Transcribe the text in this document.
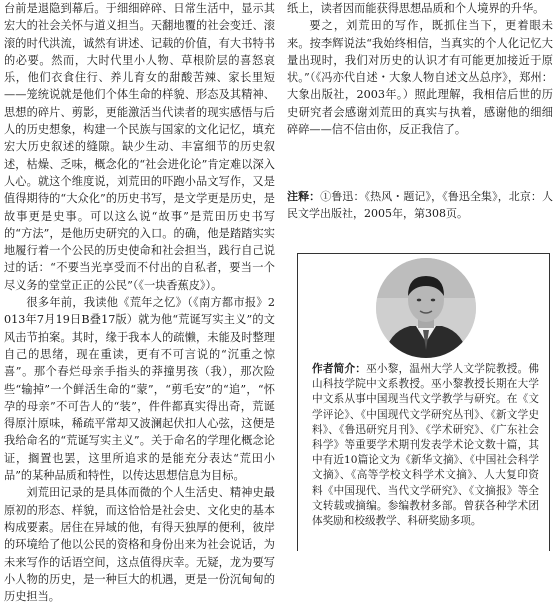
台前是退隐到幕后。于细细碎碎、日常生活中，显示其宏大的社会关怀与道义担当。天翻地覆的社会变迁、滚滚的时代洪流，诚然有讲述、记载的价值，有大书特书的必要。然而，大时代里小人物、草根阶层的喜怒哀乐，他们衣食住行、养儿育女的甜酸苦辣、家长里短——笼统说就是他们个体生命的样貌、形态及其精神、思想的碎片、剪影，更能激活当代读者的现实感悟与后人的历史想象，构建一个民族与国家的文化记忆，填充宏大历史叙述的缝隙。缺少生动、丰富细节的历史叙述，枯燥、乏味，概念化的“社会进化论”肯定难以深入人心。就这个维度说，刘荒田的吓跑小品文写作，又是值得期待的“大众化”的历史书写，是文学更是历史，是故事更是史事。可以这么说“故事”是荒田历史书写的“方法”，是他历史研究的入口。的确，他是踏踏实实地履行着一个公民的历史使命和社会担当，践行自己说过的话：“不要当光享受而不付出的自私者，要当一个尽义务的堂堂正正的公民”（《一块香蕉皮》）。

很多年前，我读他《荒年之忆》（《南方都市报》2013年7月19日B叠17版）就为他“荒诞写实主义”的文风击节拍案。其时，缘于我本人的疏懒，未能及时整理自己的思绪，现在重读，更有不可言说的“沉重之惊喜”。那个春烂母亲手指头的莽撞男孩（我），那次险些“输掉”一个鲜活生命的“蒙”，“剪毛安”的“追”，“怀孕的母亲”不可告人的“装”，件件都真实得出奇，荒诞得原汁原味，稀疏平常却又波澜起伏扣人心弦，这便是我给命名的“荒诞写实主义”。关于命名的学理化概念论证，搁置也罢，这里所追求的是能充分表达“荒田小品”的某种品质和特性，以传达思想信息为目标。

刘荒田记录的是具体而微的个人生活史、精神史最原初的形态、样貌，而这恰恰是社会史、文化史的基本构成要素。居住在异域的他，有得天独厚的便利，彼岸的环境给了他以公民的资格和身份出来为社会说话，为未来写作的话语空间，这点值得庆幸。无疑，龙为要写小人物的历史，是一种巨大的机遇，更是一份沉甸甸的历史担当。

纸上，读者因而能获得思想品质和个人境界的升华。

要之，刘荒田的写作，既抓住当下，更着眼未来。按李辉说法“我始终相信，当真实的个人化记忆大量出现时，我们对历史的认识才有可能更加接近于原状。”（《冯亦代自述・大象人物自述文丛总序》，郑州：大象出版社，2003年。）照此理解，我相信后世的历史研究者会感谢刘荒田的真实与执着，感谢他的细细碎碎——信不信由你，反正我信了。

注释：①鲁迅：《热风・题记》，《鲁迅全集》，北京：人民文学出版社，2005年，第308页。
作者简介：巫小黎，温州大学人文学院教授。佛山科技学院中文系教授。巫小黎教授长期在大学中文系从事中国现当代文学教学与研究。在《文学评论》、《中国现代文学研究丛刊》、《新文学史料》、《鲁迅研究月刊》、《学术研究》、《广东社会科学》等重要学术期刊发表学术论文数十篇，其中有近10篇论文为《新华文摘》、《中国社会科学文摘》、《高等学校文科学术文摘》、人大复印资料《中国现代、当代文学研究》、《文摘报》等全文转载或摘编。参编教材多部。曾获各种学术团体奖励和校级教学、科研奖励多项。
